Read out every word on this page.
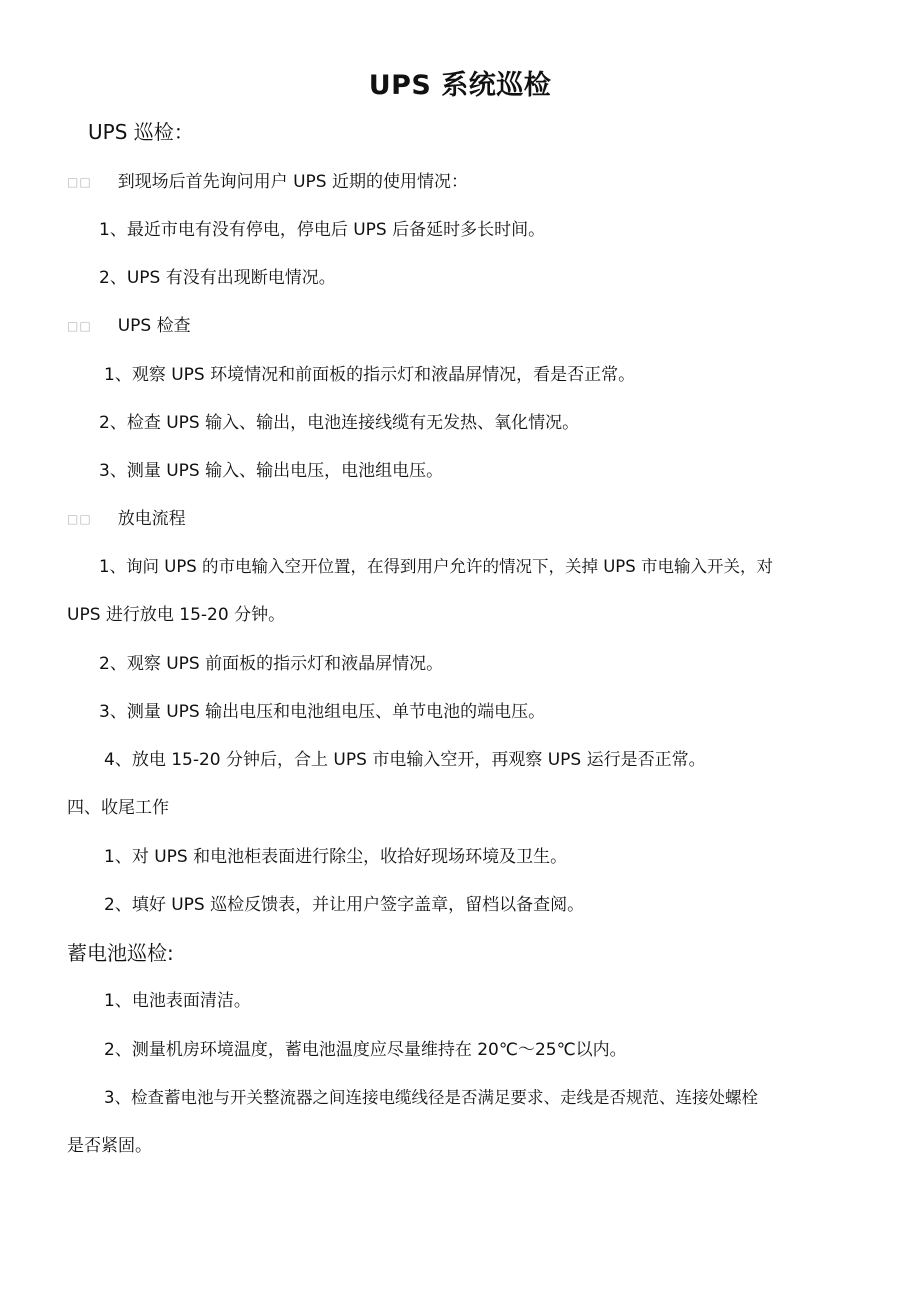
UPS 系统巡检
UPS 巡检：
□□ 到现场后首先询问用户 UPS 近期的使用情况：
1、最近市电有没有停电，停电后 UPS 后备延时多长时间。
2、UPS 有没有出现断电情况。
□□ UPS 检查
1、观察 UPS 环境情况和前面板的指示灯和液晶屏情况，看是否正常。
2、检查 UPS 输入、输出，电池连接线缆有无发热、氧化情况。
3、测量 UPS 输入、输出电压，电池组电压。
□□ 放电流程
1、询问 UPS 的市电输入空开位置，在得到用户允许的情况下，关掉 UPS 市电输入开关，对
UPS 进行放电 15-20 分钟。
2、观察 UPS 前面板的指示灯和液晶屏情况。
3、测量 UPS 输出电压和电池组电压、单节电池的端电压。
4、放电 15-20 分钟后，合上 UPS 市电输入空开，再观察 UPS 运行是否正常。
四、收尾工作
1、对 UPS 和电池柜表面进行除尘，收拾好现场环境及卫生。
2、填好 UPS 巡检反馈表，并让用户签字盖章，留档以备查阅。
蓄电池巡检:
1、电池表面清洁。
2、测量机房环境温度，蓄电池温度应尽量维持在 20℃～25℃以内。
3、检查蓄电池与开关整流器之间连接电缆线径是否满足要求、走线是否规范、连接处螺栓
是否紧固。
